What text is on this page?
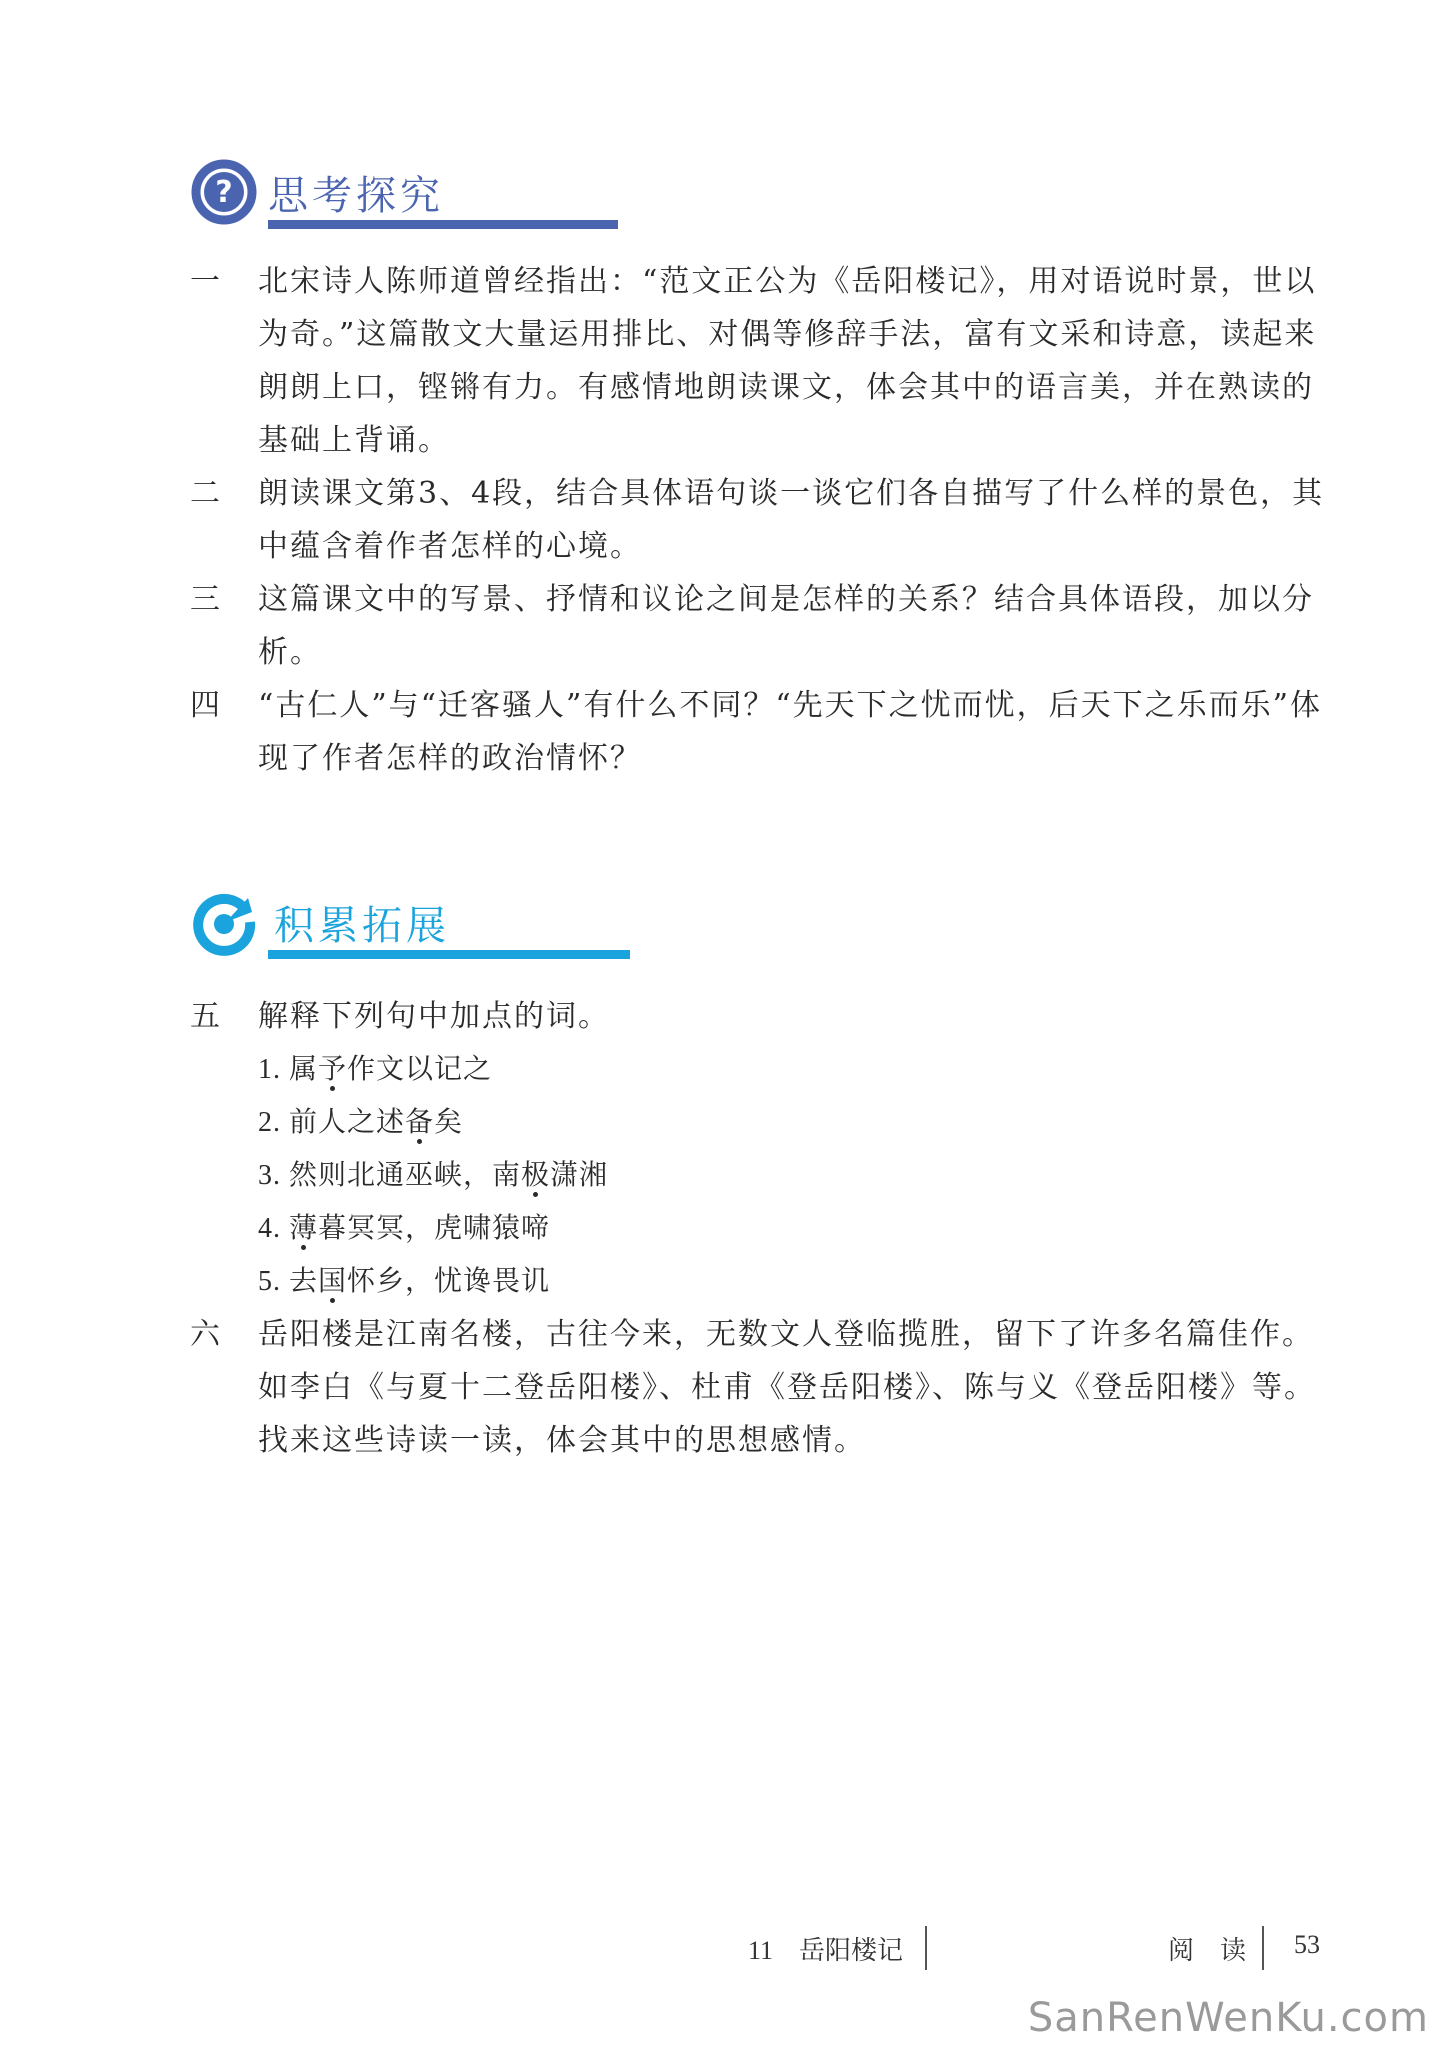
? 思考探究
一 北宋诗人陈师道曾经指出：“范文正公为《岳阳楼记》，用对语说时景，世以为奇。”这篇散文大量运用排比、对偶等修辞手法，富有文采和诗意，读起来朗朗上口，铿锵有力。有感情地朗读课文，体会其中的语言美，并在熟读的基础上背诵。
二 朗读课文第3、4段，结合具体语句谈一谈它们各自描写了什么样的景色，其中蕴含着作者怎样的心境。
三 这篇课文中的写景、抒情和议论之间是怎样的关系？结合具体语段，加以分析。
四 “古仁人”与“迁客骚人”有什么不同？“先天下之忧而忧，后天下之乐而乐”体现了作者怎样的政治情怀？
积累拓展
五 解释下列句中加点的词。
1. 属予作文以记之
2. 前人之述备矣
3. 然则北通巫峡，南极潇湘
4. 薄暮冥冥，虎啸猿啼
5. 去国怀乡，忧谗畏讥
六 岳阳楼是江南名楼，古往今来，无数文人登临揽胜，留下了许多名篇佳作。如李白《与夏十二登岳阳楼》、杜甫《登岳阳楼》、陈与义《登岳阳楼》等。找来这些诗读一读，体会其中的思想感情。
11　岳阳楼记	阅　读 53
SanRenWenKu.com
